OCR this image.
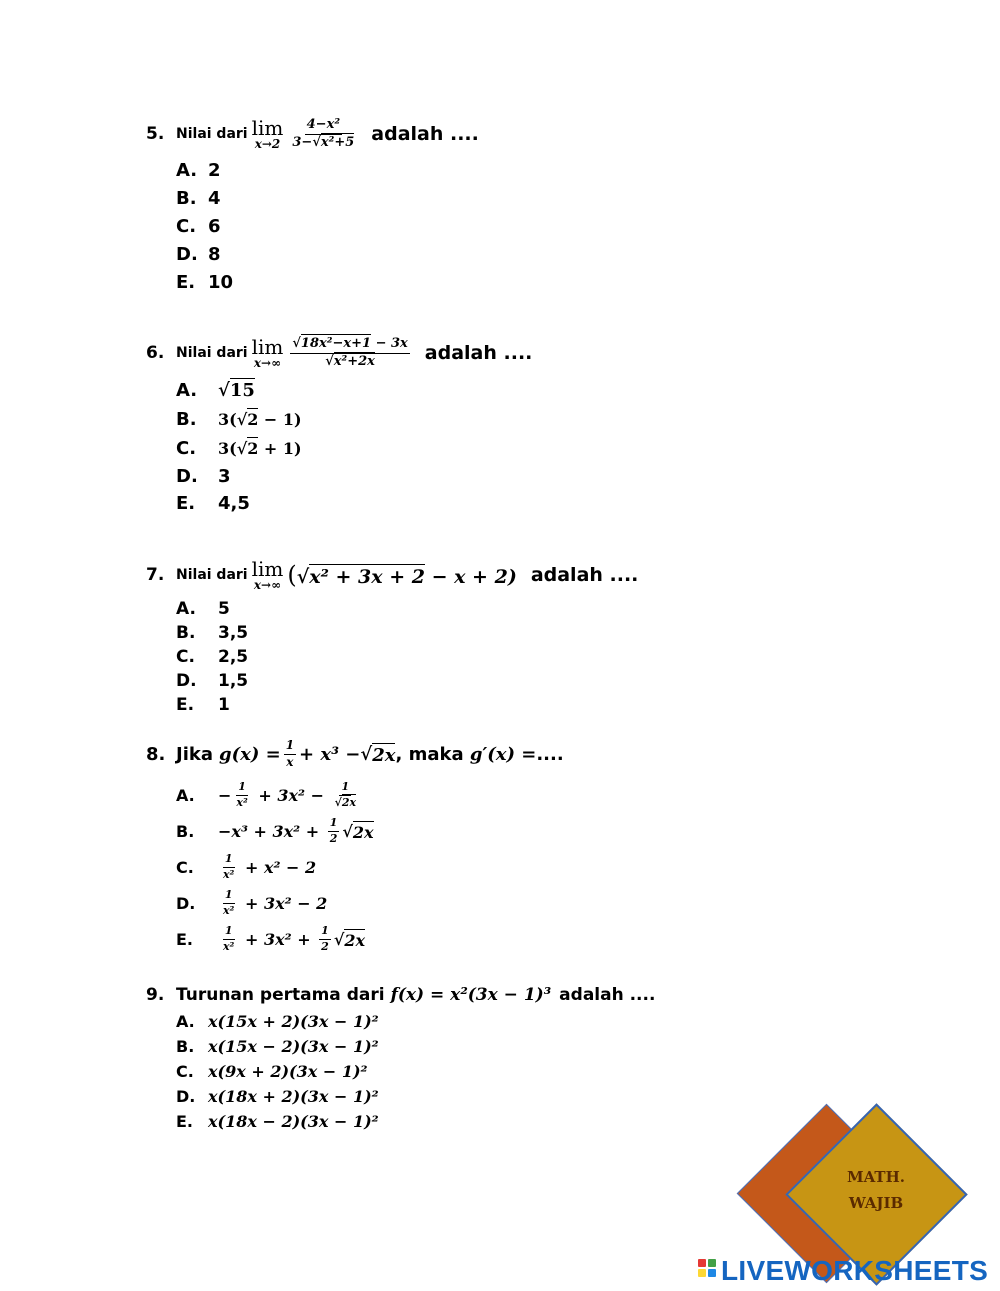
5. Nilai dari lim
$x\to 2 \frac{\text{4−x²}}{\text{3−√x²+5}}$ adalah ....
A. 2
B. 4
C. 6
D. 8
E. 10
6. Nilai dari lim
$x\to\infty \frac{\text{√18x²−x+1 − 3x}}{\text{√x²+2x}}$ adalah ....
A.	√15
B.	3(√2 − 1)
C.	3(√2 + 1)
D.	3
E.	4,5
7. Nilai dari lim
x→∞ (√x² + 3x + 2 − x + 2) adalah ....
A.	5
B.	3,5
C.	2,5
D.	1,5
E.	1
8. Jika $g(x) = \frac{1}{x} + x^3$ − √ 2x , maka g′(x) = ....
A.	− $\frac{1}{\text{x²}} + 3x^2 - \frac{1}{√2x}$
B.	$-x^3 + 3x^2 + \frac{1}{2}$ √ 2x
C.	$\frac{1}{\text{x²}} + x^2 - 2$
D.	$\frac{1}{\text{x²}} + 3x^2 - 2$
E.	$\frac{1}{\text{x²}} + 3x^2 + \frac{1}{2}$ √ 2x
9. Turunan pertama dari f(x) = x²(3x − 1)³ adalah ....
A. x(15x + 2)(3x − 1)²
B. x(15x − 2)(3x − 1)²
C. x(9x + 2)(3x − 1)²
D. x(18x + 2)(3x − 1)²
E. x(18x − 2)(3x − 1)²
MATH.
WAJIB
LIVEWORKSHEETS
